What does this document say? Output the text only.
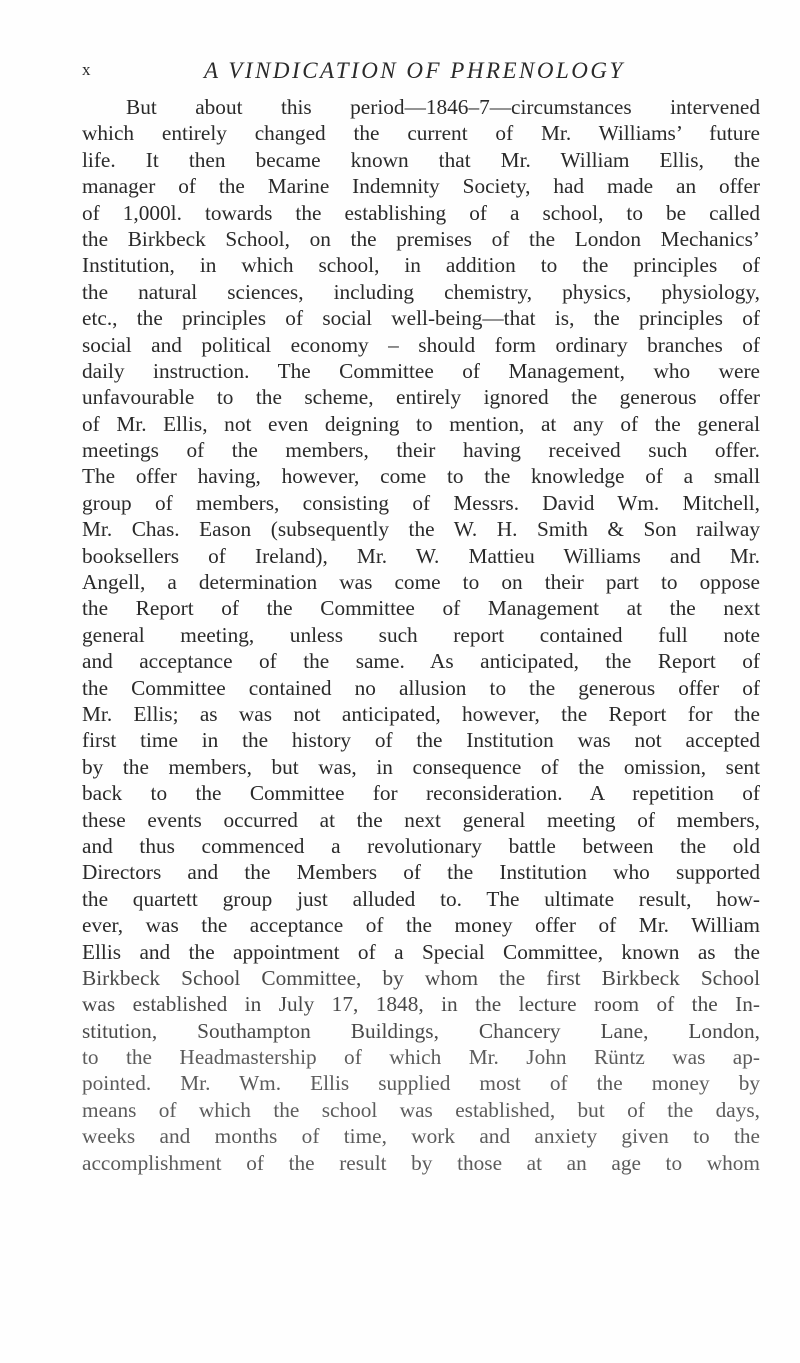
x	A VINDICATION OF PHRENOLOGY
But about this period—1846–7—circumstances intervened
which entirely changed the current of Mr. Williams’ future
life. It then became known that Mr. William Ellis, the
manager of the Marine Indemnity Society, had made an offer
of 1,000l. towards the establishing of a school, to be called
the Birkbeck School, on the premises of the London Mechanics’
Institution, in which school, in addition to the principles of
the natural sciences, including chemistry, physics, physiology,
etc., the principles of social well-being—that is, the principles of
social and political economy – should form ordinary branches of
daily instruction. The Committee of Management, who were
unfavourable to the scheme, entirely ignored the generous offer
of Mr. Ellis, not even deigning to mention, at any of the general
meetings of the members, their having received such offer.
The offer having, however, come to the knowledge of a small
group of members, consisting of Messrs. David Wm. Mitchell,
Mr. Chas. Eason (subsequently the W. H. Smith & Son railway
booksellers of Ireland), Mr. W. Mattieu Williams and Mr.
Angell, a determination was come to on their part to oppose
the Report of the Committee of Management at the next
general meeting, unless such report contained full note
and acceptance of the same. As anticipated, the Report of
the Committee contained no allusion to the generous offer of
Mr. Ellis; as was not anticipated, however, the Report for the
first time in the history of the Institution was not accepted
by the members, but was, in consequence of the omission, sent
back to the Committee for reconsideration. A repetition of
these events occurred at the next general meeting of members,
and thus commenced a revolutionary battle between the old
Directors and the Members of the Institution who supported
the quartett group just alluded to. The ultimate result, how-
ever, was the acceptance of the money offer of Mr. William
Ellis and the appointment of a Special Committee, known as the
Birkbeck School Committee, by whom the first Birkbeck School
was established in July 17, 1848, in the lecture room of the In-
stitution, Southampton Buildings, Chancery Lane, London,
to the Headmastership of which Mr. John Rüntz was ap-
pointed. Mr. Wm. Ellis supplied most of the money by
means of which the school was established, but of the days,
weeks and months of time, work and anxiety given to the
accomplishment of the result by those at an age to whom
